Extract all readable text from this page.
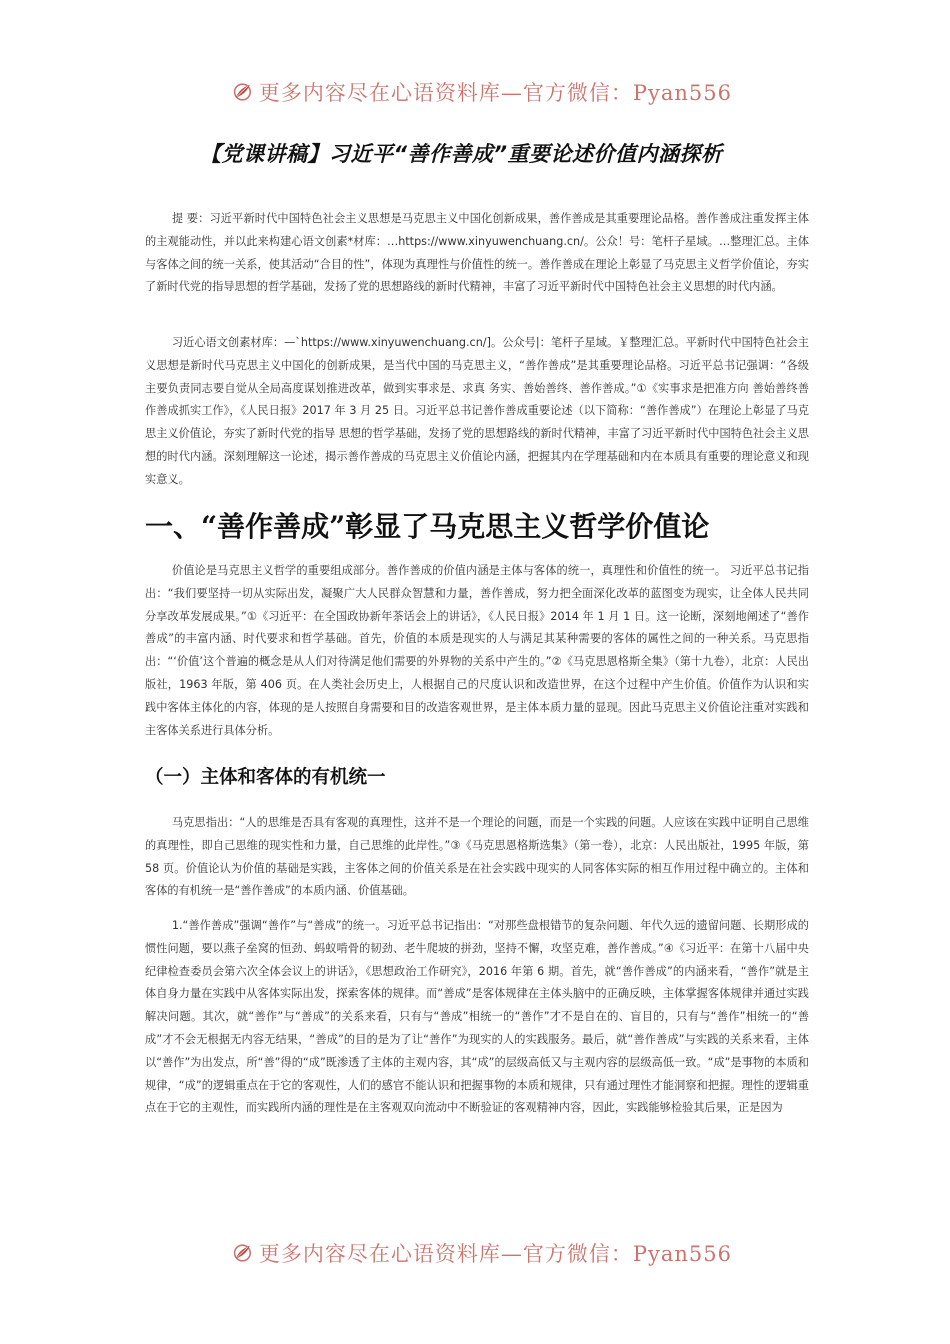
更多内容尽在心语资料库—官方微信：Pyan556
【党课讲稿】习近平“善作善成”重要论述价值内涵探析

提 要：习近平新时代中国特色社会主义思想是马克思主义中国化创新成果，善作善成是其重要理论品格。善作善成注重发挥主体的主观能动性，并以此来构建心语文创素*材库：…https://www.xinyuwenchuang.cn/。公众！号：笔杆子星域。…整理汇总。主体与客体之间的统一关系，使其活动“合目的性”，体现为真理性与价值性的统一。善作善成在理论上彰显了马克思主义哲学价值论，夯实了新时代党的指导思想的哲学基础，发扬了党的思想路线的新时代精神，丰富了习近平新时代中国特色社会主义思想的时代内涵。

习近心语文创素材库：—`https://www.xinyuwenchuang.cn/]。公众号|：笔杆子星域。￥整理汇总。平新时代中国特色社会主义思想是新时代马克思主义中国化的创新成果，是当代中国的马克思主义，“善作善成”是其重要理论品格。习近平总书记强调：“各级主要负责同志要自觉从全局高度谋划推进改革，做到实事求是、求真 务实、善始善终、善作善成。”①《实事求是把准方向 善始善终善作善成抓实工作》，《人民日报》2017 年 3 月 25 日。习近平总书记善作善成重要论述（以下简称：“善作善成”）在理论上彰显了马克思主义价值论，夯实了新时代党的指导 思想的哲学基础，发扬了党的思想路线的新时代精神，丰富了习近平新时代中国特色社会主义思想的时代内涵。深刻理解这一论述，揭示善作善成的马克思主义价值论内涵，把握其内在学理基础和内在本质具有重要的理论意义和现实意义。

一、“善作善成”彰显了马克思主义哲学价值论

价值论是马克思主义哲学的重要组成部分。善作善成的价值内涵是主体与客体的统一，真理性和价值性的统一。 习近平总书记指出：“我们要坚持一切从实际出发，凝聚广大人民群众智慧和力量，善作善成，努力把全面深化改革的蓝图变为现实，让全体人民共同分享改革发展成果。”①《习近平：在全国政协新年茶话会上的讲话》，《人民日报》2014 年 1 月 1 日。这一论断，深刻地阐述了“善作善成”的丰富内涵、时代要求和哲学基础。首先，价值的本质是现实的人与满足其某种需要的客体的属性之间的一种关系。马克思指出：“‘价值’这个普遍的概念是从人们对待满足他们需要的外界物的关系中产生的。”②《马克思恩格斯全集》（第十九卷），北京：人民出版社，1963 年版，第 406 页。在人类社会历史上，人根据自己的尺度认识和改造世界，在这个过程中产生价值。价值作为认识和实践中客体主体化的内容，体现的是人按照自身需要和目的改造客观世界，是主体本质力量的显现。因此马克思主义价值论注重对实践和主客体关系进行具体分析。

（一）主体和客体的有机统一

马克思指出：“人的思维是否具有客观的真理性，这并不是一个理论的问题，而是一个实践的问题。人应该在实践中证明自己思维的真理性，即自己思维的现实性和力量，自己思维的此岸性。”③《马克思恩格斯选集》（第一卷），北京：人民出版社，1995 年版，第 58 页。价值论认为价值的基础是实践，主客体之间的价值关系是在社会实践中现实的人同客体实际的相互作用过程中确立的。主体和客体的有机统一是“善作善成”的本质内涵、价值基础。

1.“善作善成”强调“善作”与“善成”的统一。习近平总书记指出：“对那些盘根错节的复杂问题、年代久远的遗留问题、长期形成的惯性问题，要以燕子垒窝的恒劲、蚂蚁啃骨的韧劲、老牛爬坡的拼劲，坚持不懈，攻坚克难，善作善成。”④《习近平：在第十八届中央纪律检查委员会第六次全体会议上的讲话》，《思想政治工作研究》，2016 年第 6 期。首先，就“善作善成”的内涵来看，“善作”就是主体自身力量在实践中从客体实际出发，探索客体的规律。而“善成”是客体规律在主体头脑中的正确反映，主体掌握客体规律并通过实践解决问题。其次，就“善作”与“善成”的关系来看，只有与“善成”相统一的“善作”才不是自在的、盲目的，只有与“善作”相统一的“善成”才不会无根据无内容无结果，“善成”的目的是为了让“善作”为现实的人的实践服务。最后，就“善作善成”与实践的关系来看，主体以“善作”为出发点，所“善”得的“成”既渗透了主体的主观内容，其“成”的层级高低又与主观内容的层级高低一致。“成”是事物的本质和规律，“成”的逻辑重点在于它的客观性，人们的感官不能认识和把握事物的本质和规律，只有通过理性才能洞察和把握。理性的逻辑重点在于它的主观性，而实践所内涵的理性是在主客观双向流动中不断验证的客观精神内容，因此，实践能够检验其后果，正是因为

更多内容尽在心语资料库—官方微信：Pyan556
